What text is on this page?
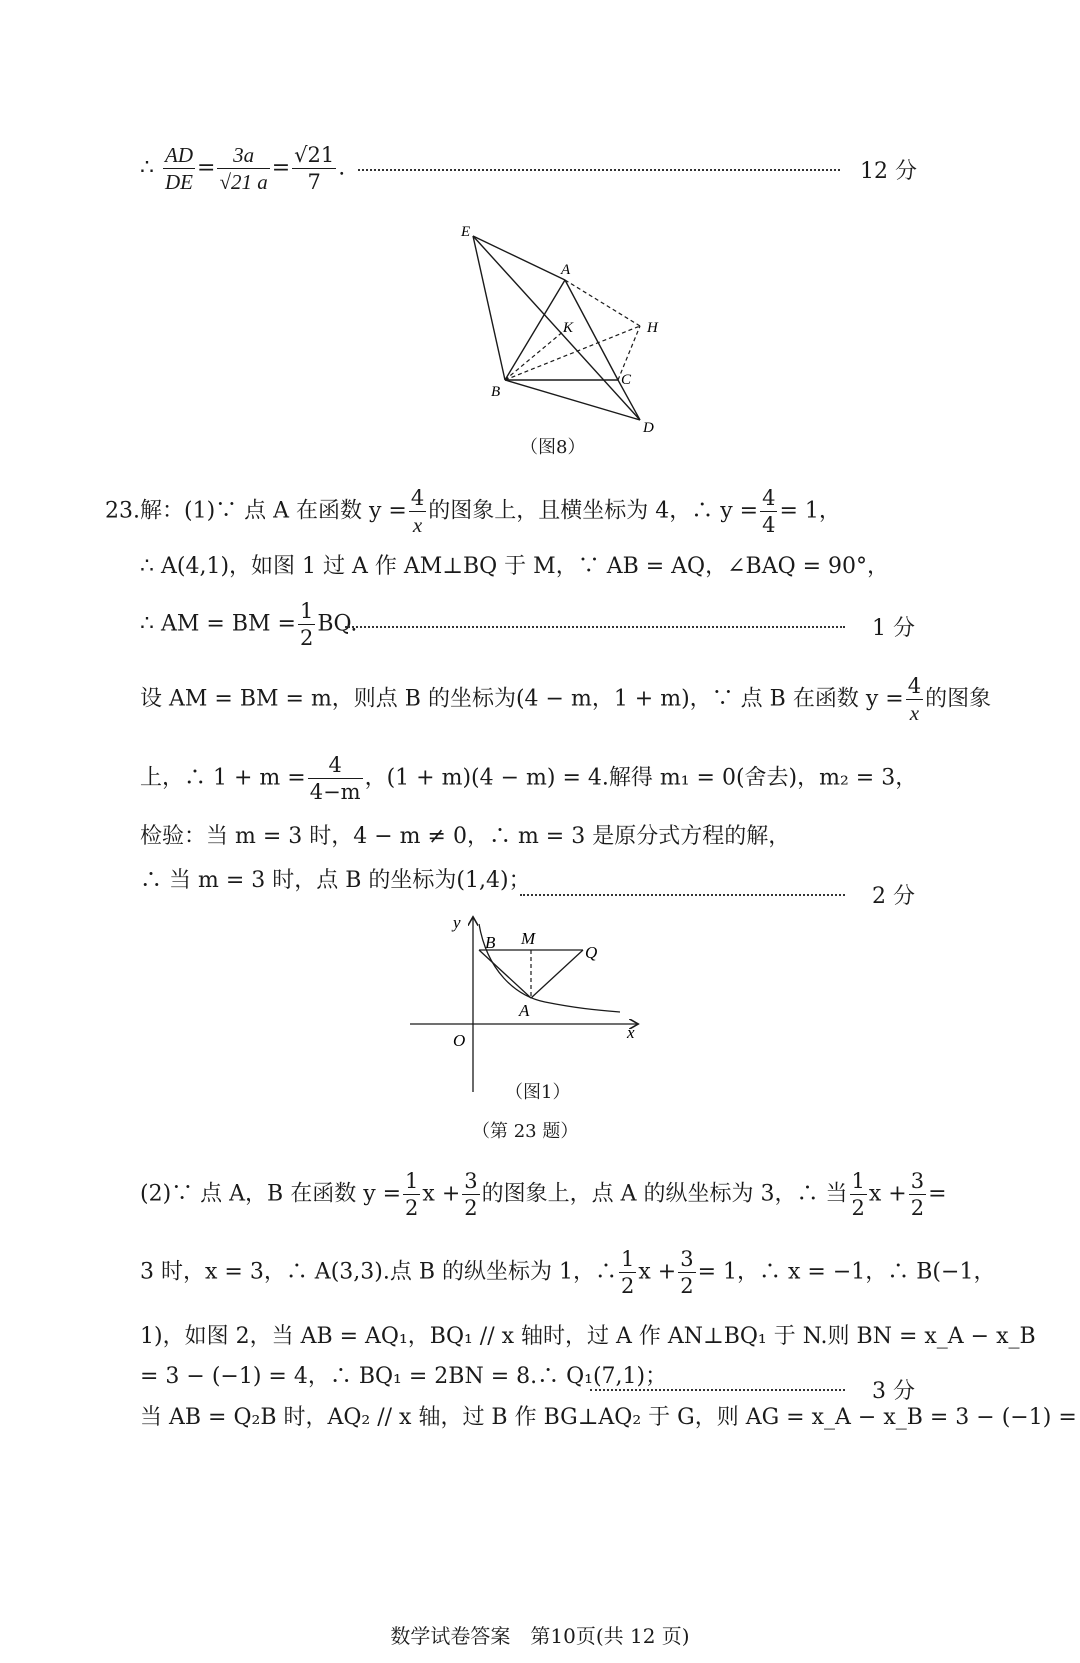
∴ $\frac{AD}{DE} = \frac{3a}{√21 a} = \frac{√21}{7}$ .	12 分
E
A
K	H
B
C
D
（图8）
23.解：(1)∵ 点 A 在函数 $y = \frac{4}{x}$ 的图象上，且横坐标为 4，∴ $y = \frac{4}{4} = 1$，
∴ A(4,1)，如图 1 过 A 作 AM⊥BQ 于 M，∵ AB = AQ，∠BAQ = 90°，
∴ AM = BM = $\frac{1}{2}$ BQ.	1 分
设 AM = BM = m，则点 B 的坐标为(4 − m，1 + m)，∵ 点 B 在函数 $y = \frac{4}{x}$ 的图象
上，∴ $1 + m = \frac{4}{4-m}$ ，(1 + m)(4 − m) = 4.解得 m₁ = 0(舍去)，m₂ = 3，
检验：当 m = 3 时，4 − m ≠ 0，∴ m = 3 是原分式方程的解，
∴ 当 m = 3 时，点 B 的坐标为(1,4)；
2 分
y
B M
Q
A
O	x
（图1）
（第 23 题）
(2)∵ 点 A，B 在函数 $y = \frac{1}{2}$ $x + \frac{3}{2}$ 的图象上，点 A 的纵坐标为 3，∴ 当 $\frac{1}{2}$ $x + \frac{3}{2}$ =
3 时，x = 3，∴ A(3,3).点 B 的纵坐标为 1，∴ $\frac{1}{2}$ $x + \frac{3}{2} = 1$，∴ x = −1，∴ B(−1，
1)，如图 2，当 AB = AQ₁，BQ₁ // x 轴时，过 A 作 AN⊥BQ₁ 于 N.则 BN = x_A − x_B
= 3 − (−1) = 4，∴ BQ₁ = 2BN = 8.∴ Q₁(7,1)；
3 分
当 AB = Q₂B 时，AQ₂ // x 轴，过 B 作 BG⊥AQ₂ 于 G，则 AG = x_A − x_B = 3 − (−1) =
数学试卷答案　第10页(共 12 页)
